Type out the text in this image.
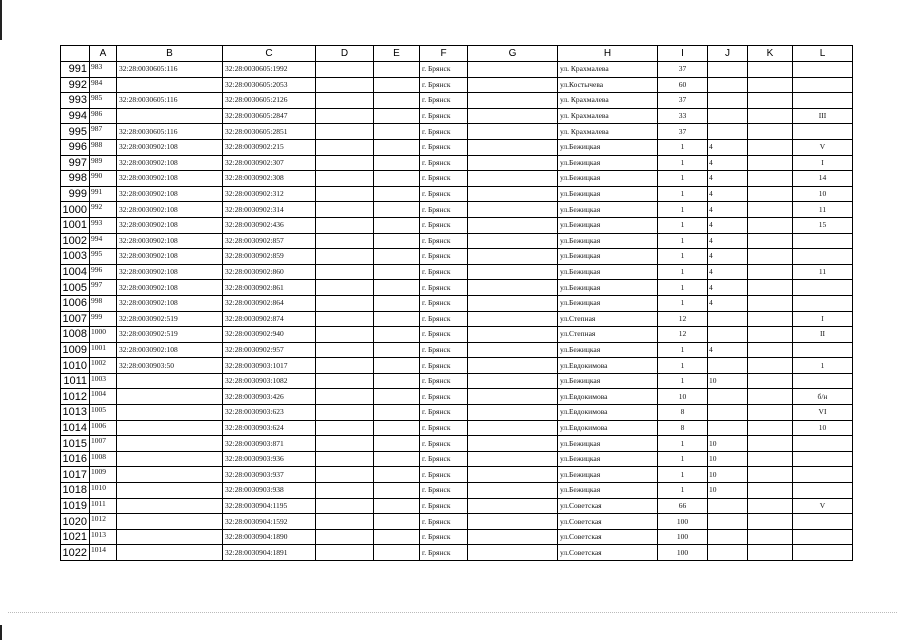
	A	B	C	D	E	F	G	H	I	J	K	L
991	983	32:28:0030605:116	32:28:0030605:1992			г. Брянск		ул. Крахмалева	37			
992	984		32:28:0030605:2053			г. Брянск		ул.Костычева	60			
993	985	32:28:0030605:116	32:28:0030605:2126			г. Брянск		ул. Крахмалева	37			
994	986		32:28:0030605:2847			г. Брянск		ул. Крахмалева	33			III
995	987	32:28:0030605:116	32:28:0030605:2851			г. Брянск		ул. Крахмалева	37			
996	988	32:28:0030902:108	32:28:0030902:215			г. Брянск		ул.Бежицкая	1	4		V
997	989	32:28:0030902:108	32:28:0030902:307			г. Брянск		ул.Бежицкая	1	4		I
998	990	32:28:0030902:108	32:28:0030902:308			г. Брянск		ул.Бежицкая	1	4		14
999	991	32:28:0030902:108	32:28:0030902:312			г. Брянск		ул.Бежицкая	1	4		10
1000	992	32:28:0030902:108	32:28:0030902:314			г. Брянск		ул.Бежицкая	1	4		11
1001	993	32:28:0030902:108	32:28:0030902:436			г. Брянск		ул.Бежицкая	1	4		15
1002	994	32:28:0030902:108	32:28:0030902:857			г. Брянск		ул.Бежицкая	1	4		
1003	995	32:28:0030902:108	32:28:0030902:859			г. Брянск		ул.Бежицкая	1	4		
1004	996	32:28:0030902:108	32:28:0030902:860			г. Брянск		ул.Бежицкая	1	4		11
1005	997	32:28:0030902:108	32:28:0030902:861			г. Брянск		ул.Бежицкая	1	4		
1006	998	32:28:0030902:108	32:28:0030902:864			г. Брянск		ул.Бежицкая	1	4		
1007	999	32:28:0030902:519	32:28:0030902:874			г. Брянск		ул.Степная	12			I
1008	1000	32:28:0030902:519	32:28:0030902:940			г. Брянск		ул.Степная	12			II
1009	1001	32:28:0030902:108	32:28:0030902:957			г. Брянск		ул.Бежицкая	1	4		
1010	1002	32:28:0030903:50	32:28:0030903:1017			г. Брянск		ул.Евдокимова	1			1
1011	1003		32:28:0030903:1082			г. Брянск		ул.Бежицкая	1	10		
1012	1004		32:28:0030903:426			г. Брянск		ул.Евдокимова	10			б/н
1013	1005		32:28:0030903:623			г. Брянск		ул.Евдокимова	8			VI
1014	1006		32:28:0030903:624			г. Брянск		ул.Евдокимова	8			10
1015	1007		32:28:0030903:871			г. Брянск		ул.Бежицкая	1	10		
1016	1008		32:28:0030903:936			г. Брянск		ул.Бежицкая	1	10		
1017	1009		32:28:0030903:937			г. Брянск		ул.Бежицкая	1	10		
1018	1010		32:28:0030903:938			г. Брянск		ул.Бежицкая	1	10		
1019	1011		32:28:0030904:1195			г. Брянск		ул.Советская	66			V
1020	1012		32:28:0030904:1592			г. Брянск		ул.Советская	100			
1021	1013		32:28:0030904:1890			г. Брянск		ул.Советская	100			
1022	1014		32:28:0030904:1891			г. Брянск		ул.Советская	100			
